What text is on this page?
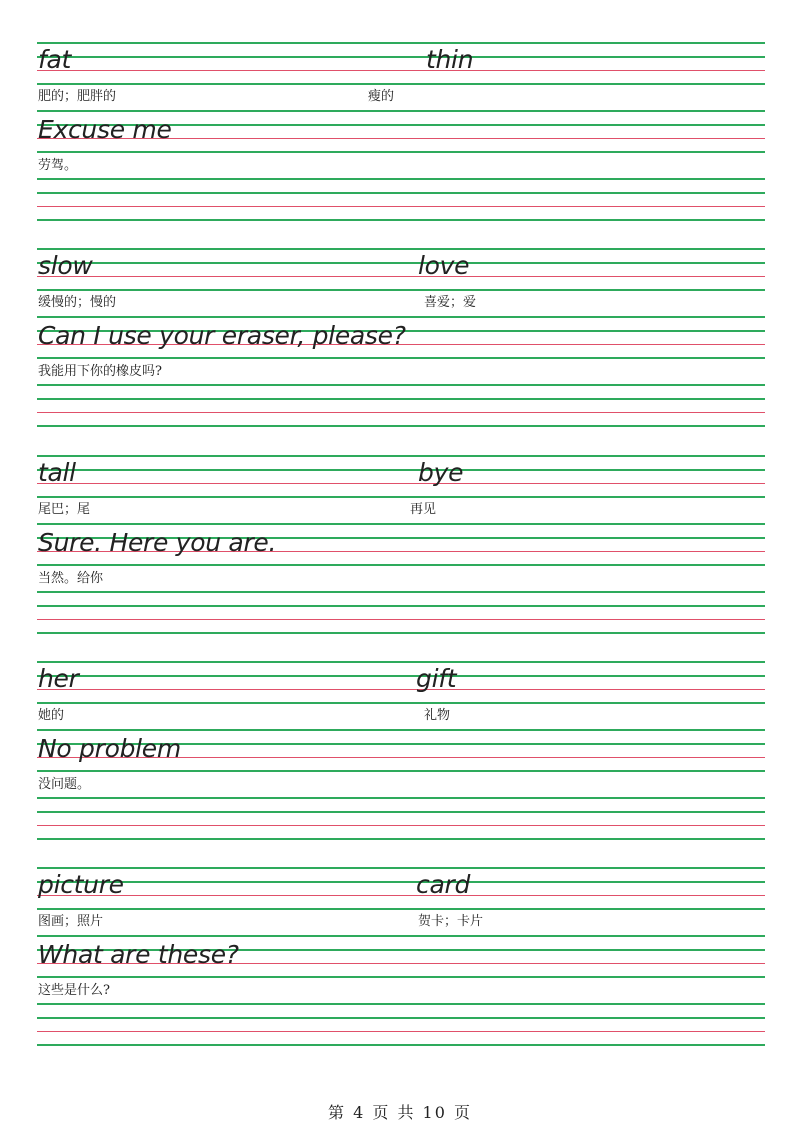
第 4 页 共 10 页
fat	thin
肥的；肥胖的	瘦的
Excuse me
劳驾。
slow	love
缓慢的；慢的	喜爱；爱
Can I use your eraser, please?
我能用下你的橡皮吗?
tall	bye
尾巴；尾	再见
Sure. Here you are.
当然。给你
her	gift
她的	礼物
No problem
没问题。
picture	card
图画；照片	贺卡；卡片
What are these?
这些是什么?
